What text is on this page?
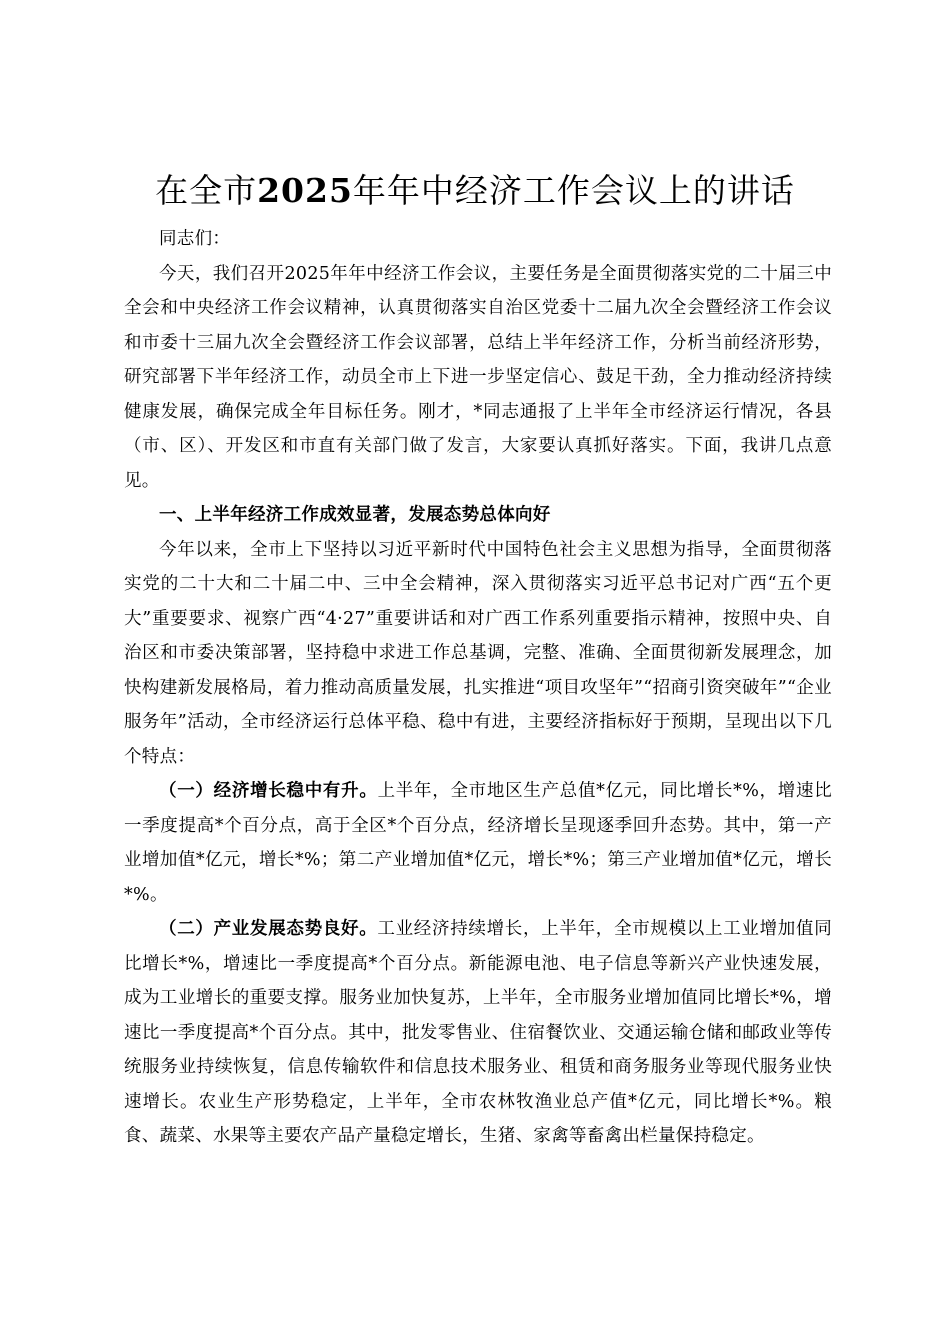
在全市2025年年中经济工作会议上的讲话

同志们：

今天，我们召开2025年年中经济工作会议，主要任务是全面贯彻落实党的二十届三中全会和中央经济工作会议精神，认真贯彻落实自治区党委十二届九次全会暨经济工作会议和市委十三届九次全会暨经济工作会议部署，总结上半年经济工作，分析当前经济形势，研究部署下半年经济工作，动员全市上下进一步坚定信心、鼓足干劲，全力推动经济持续健康发展，确保完成全年目标任务。刚才，*同志通报了上半年全市经济运行情况，各县（市、区）、开发区和市直有关部门做了发言，大家要认真抓好落实。下面，我讲几点意见。

一、上半年经济工作成效显著，发展态势总体向好

今年以来，全市上下坚持以习近平新时代中国特色社会主义思想为指导，全面贯彻落实党的二十大和二十届二中、三中全会精神，深入贯彻落实习近平总书记对广西“五个更大”重要要求、视察广西“4·27”重要讲话和对广西工作系列重要指示精神，按照中央、自治区和市委决策部署，坚持稳中求进工作总基调，完整、准确、全面贯彻新发展理念，加快构建新发展格局，着力推动高质量发展，扎实推进“项目攻坚年”“招商引资突破年”“企业服务年”活动，全市经济运行总体平稳、稳中有进，主要经济指标好于预期，呈现出以下几个特点：

（一）经济增长稳中有升。上半年，全市地区生产总值*亿元，同比增长*%，增速比一季度提高*个百分点，高于全区*个百分点，经济增长呈现逐季回升态势。其中，第一产业增加值*亿元，增长*%；第二产业增加值*亿元，增长*%；第三产业增加值*亿元，增长*%。

（二）产业发展态势良好。工业经济持续增长，上半年，全市规模以上工业增加值同比增长*%，增速比一季度提高*个百分点。新能源电池、电子信息等新兴产业快速发展，成为工业增长的重要支撑。服务业加快复苏，上半年，全市服务业增加值同比增长*%，增速比一季度提高*个百分点。其中，批发零售业、住宿餐饮业、交通运输仓储和邮政业等传统服务业持续恢复，信息传输软件和信息技术服务业、租赁和商务服务业等现代服务业快速增长。农业生产形势稳定，上半年，全市农林牧渔业总产值*亿元，同比增长*%。粮食、蔬菜、水果等主要农产品产量稳定增长，生猪、家禽等畜禽出栏量保持稳定。
